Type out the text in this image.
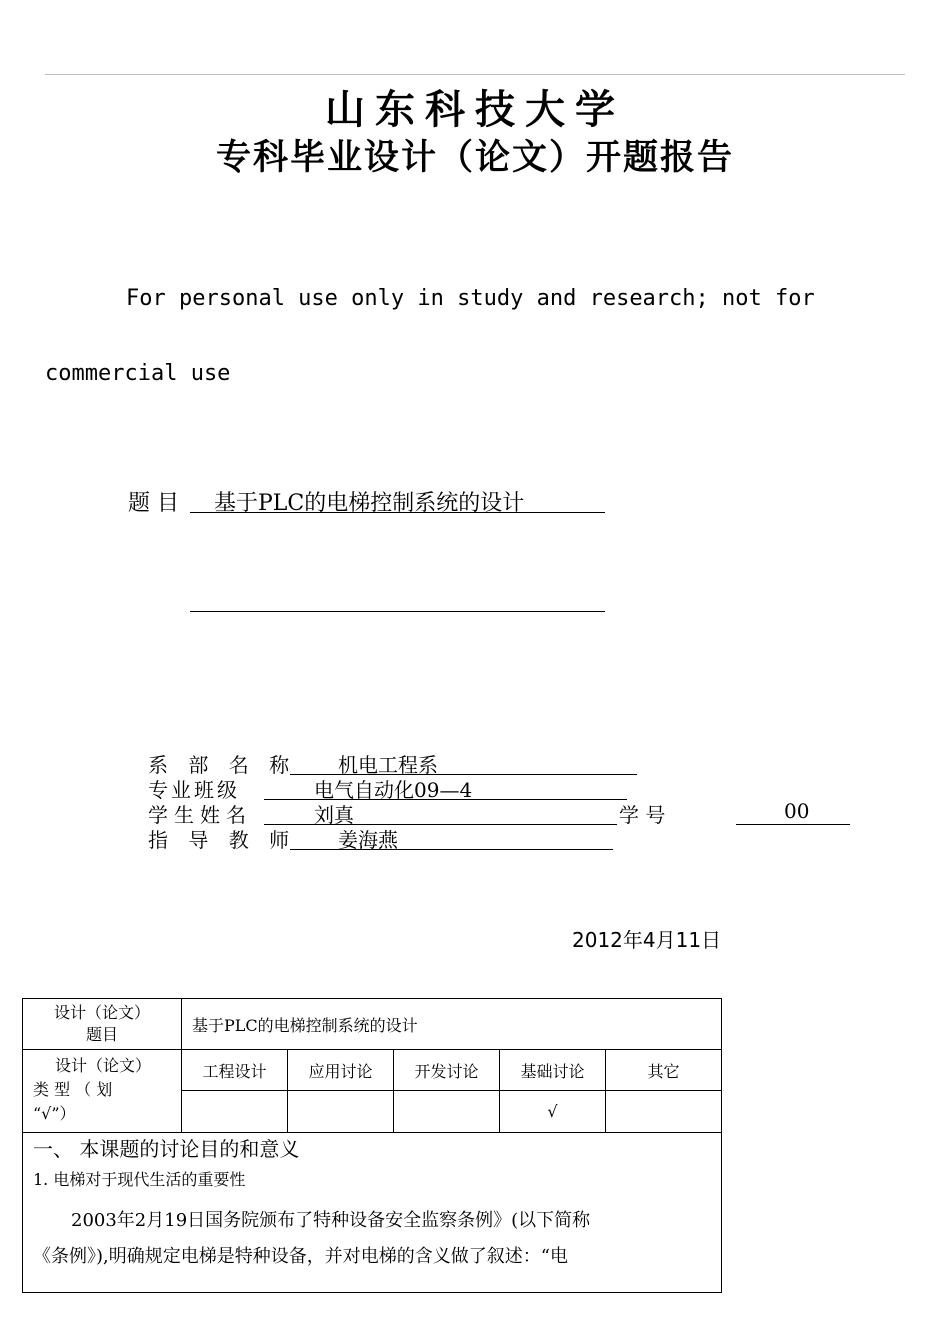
山东科技大学
专科毕业设计（论文）开题报告
For personal use only in study and research; not for
commercial use
题 目	基于PLC的电梯控制系统的设计
系 部 名 称	机电工程系
专业班级	电气自动化09—4
学生姓名	刘真	学 号	00
指 导 教 师	姜海燕
2012年4月11日
设计（论文）
题目	基于PLC的电梯控制系统的设计				

设计（论文）
类 型 （ 划
“√”）	工程设计	应用讨论	开发讨论	基础讨论	其它
				√	

一、 本课题的讨论目的和意义
1. 电梯对于现代生活的重要性
2003年2月19日国务院颁布了特种设备安全监察条例》(以下简称
《条例》),明确规定电梯是特种设备，并对电梯的含义做了叙述：“电					
